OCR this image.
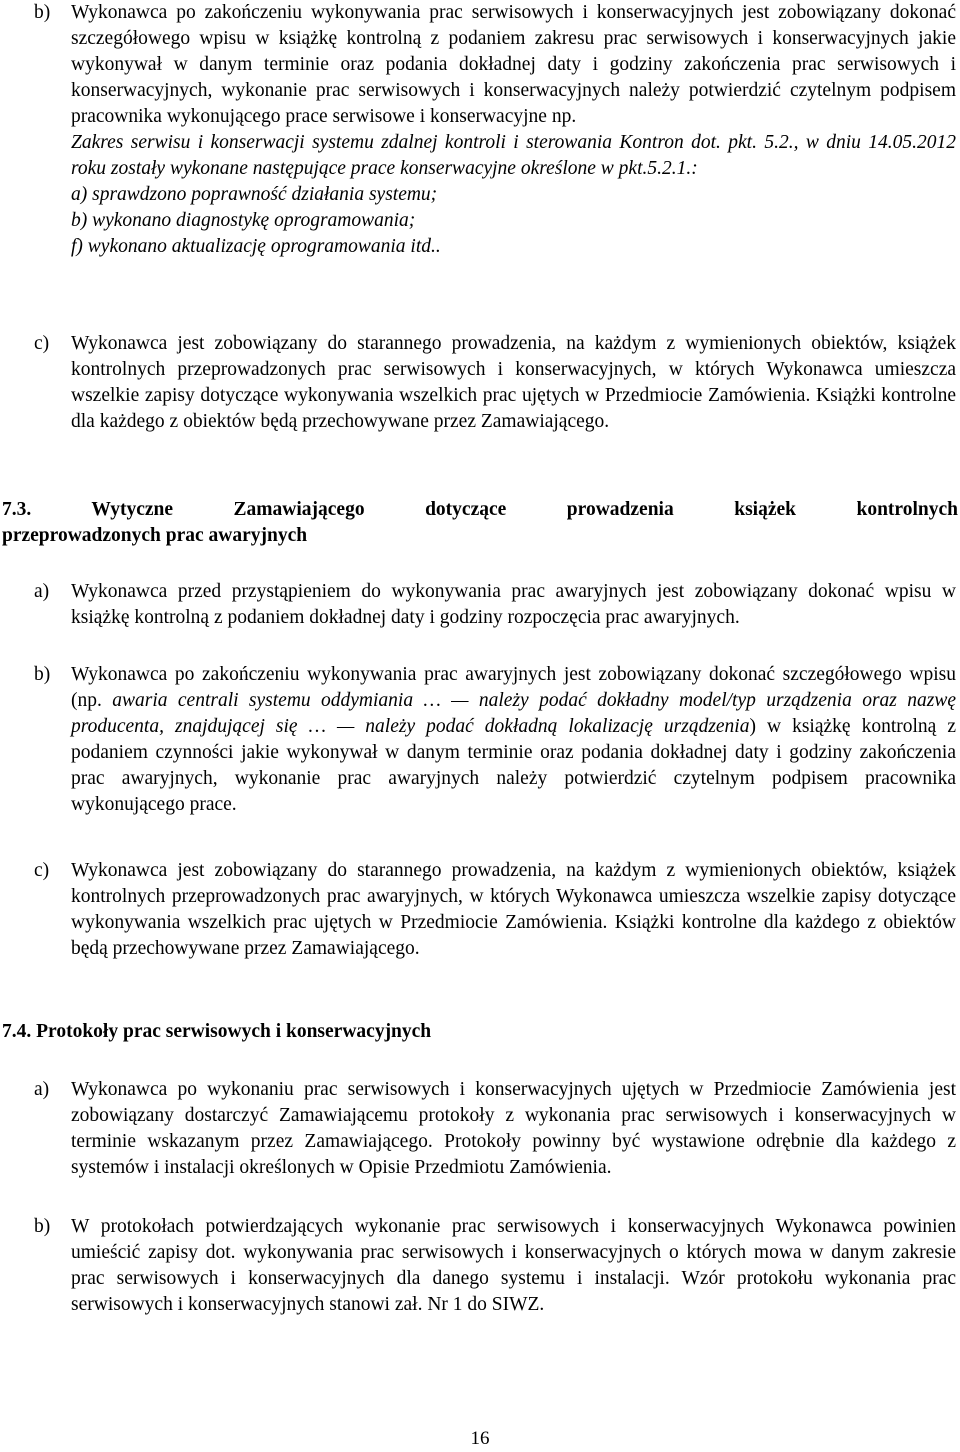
b) Wykonawca po zakończeniu wykonywania prac serwisowych i konserwacyjnych jest zobowiązany dokonać szczegółowego wpisu w książkę kontrolną z podaniem zakresu prac serwisowych i konserwacyjnych jakie wykonywał w danym terminie oraz podania dokładnej daty i godziny zakończenia prac serwisowych i konserwacyjnych, wykonanie prac serwisowych i konserwacyjnych należy potwierdzić czytelnym podpisem pracownika wykonującego prace serwisowe i konserwacyjne np.
Zakres serwisu i konserwacji systemu zdalnej kontroli i sterowania Kontron dot. pkt. 5.2., w dniu 14.05.2012 roku zostały wykonane następujące prace konserwacyjne określone w pkt.5.2.1.:
a) sprawdzono poprawność działania systemu;
b) wykonano diagnostykę oprogramowania;
f) wykonano aktualizację oprogramowania itd..
c) Wykonawca jest zobowiązany do starannego prowadzenia, na każdym z wymienionych obiektów, książek kontrolnych przeprowadzonych prac serwisowych i konserwacyjnych, w których Wykonawca umieszcza wszelkie zapisy dotyczące wykonywania wszelkich prac ujętych w Przedmiocie Zamówienia. Książki kontrolne dla każdego z obiektów będą przechowywane przez Zamawiającego.
7.3.	Wytyczne Zamawiającego dotyczące prowadzenia książek kontrolnych
przeprowadzonych prac awaryjnych
a) Wykonawca przed przystąpieniem do wykonywania prac awaryjnych jest zobowiązany dokonać wpisu w książkę kontrolną z podaniem dokładnej daty i godziny rozpoczęcia prac awaryjnych.
b) Wykonawca po zakończeniu wykonywania prac awaryjnych jest zobowiązany dokonać szczegółowego wpisu (np. awaria centrali systemu oddymiania … — należy podać dokładny model/typ urządzenia oraz nazwę producenta, znajdującej się … — należy podać dokładną lokalizację urządzenia) w książkę kontrolną z podaniem czynności jakie wykonywał w danym terminie oraz podania dokładnej daty i godziny zakończenia prac awaryjnych, wykonanie prac awaryjnych należy potwierdzić czytelnym podpisem pracownika wykonującego prace.
c) Wykonawca jest zobowiązany do starannego prowadzenia, na każdym z wymienionych obiektów, książek kontrolnych przeprowadzonych prac awaryjnych, w których Wykonawca umieszcza wszelkie zapisy dotyczące wykonywania wszelkich prac ujętych w Przedmiocie Zamówienia. Książki kontrolne dla każdego z obiektów będą przechowywane przez Zamawiającego.
7.4. Protokoły prac serwisowych i konserwacyjnych
a) Wykonawca po wykonaniu prac serwisowych i konserwacyjnych ujętych w Przedmiocie Zamówienia jest zobowiązany dostarczyć Zamawiającemu protokoły z wykonania prac serwisowych i konserwacyjnych w terminie wskazanym przez Zamawiającego. Protokoły powinny być wystawione odrębnie dla każdego z systemów i instalacji określonych w Opisie Przedmiotu Zamówienia.
b) W protokołach potwierdzających wykonanie prac serwisowych i konserwacyjnych Wykonawca powinien umieścić zapisy dot. wykonywania prac serwisowych i konserwacyjnych o których mowa w danym zakresie prac serwisowych i konserwacyjnych dla danego systemu i instalacji. Wzór protokołu wykonania prac serwisowych i konserwacyjnych stanowi zał. Nr 1 do SIWZ.
16
